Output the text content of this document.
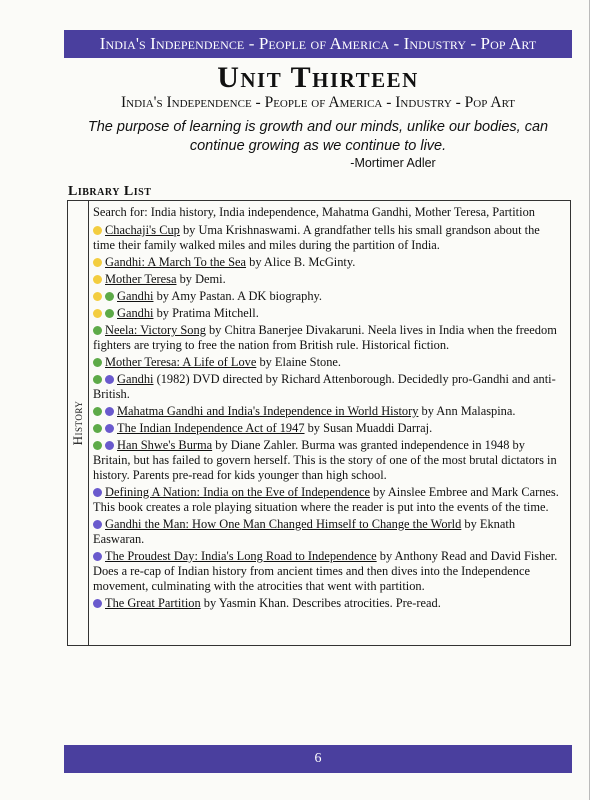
India's Independence - People of America - Industry - Pop Art
Unit Thirteen
India's Independence - People of America - Industry - Pop Art
The purpose of learning is growth and our minds, unlike our bodies, can continue growing as we continue to live.
-Mortimer Adler
Library List
History
Search for: India history, India independence, Mahatma Gandhi, Mother Teresa, Partition
Chachaji's Cup by Uma Krishnaswami. A grandfather tells his small grandson about the time their family walked miles and miles during the partition of India.
Gandhi: A March To the Sea by Alice B. McGinty.
Mother Teresa by Demi.
Gandhi by Amy Pastan. A DK biography.
Gandhi by Pratima Mitchell.
Neela: Victory Song by Chitra Banerjee Divakaruni. Neela lives in India when the freedom fighters are trying to free the nation from British rule. Historical fiction.
Mother Teresa: A Life of Love by Elaine Stone.
Gandhi (1982) DVD directed by Richard Attenborough. Decidedly pro-Gandhi and anti-British.
Mahatma Gandhi and India's Independence in World History by Ann Malaspina.
The Indian Independence Act of 1947 by Susan Muaddi Darraj.
Han Shwe's Burma by Diane Zahler. Burma was granted independence in 1948 by Britain, but has failed to govern herself. This is the story of one of the most brutal dictators in history. Parents pre-read for kids younger than high school.
Defining A Nation: India on the Eve of Independence by Ainslee Embree and Mark Carnes. This book creates a role playing situation where the reader is put into the events of the time.
Gandhi the Man: How One Man Changed Himself to Change the World by Eknath Easwaran.
The Proudest Day: India's Long Road to Independence by Anthony Read and David Fisher. Does a re-cap of Indian history from ancient times and then dives into the Independence movement, culminating with the atrocities that went with partition.
The Great Partition by Yasmin Khan. Describes atrocities. Pre-read.
6
